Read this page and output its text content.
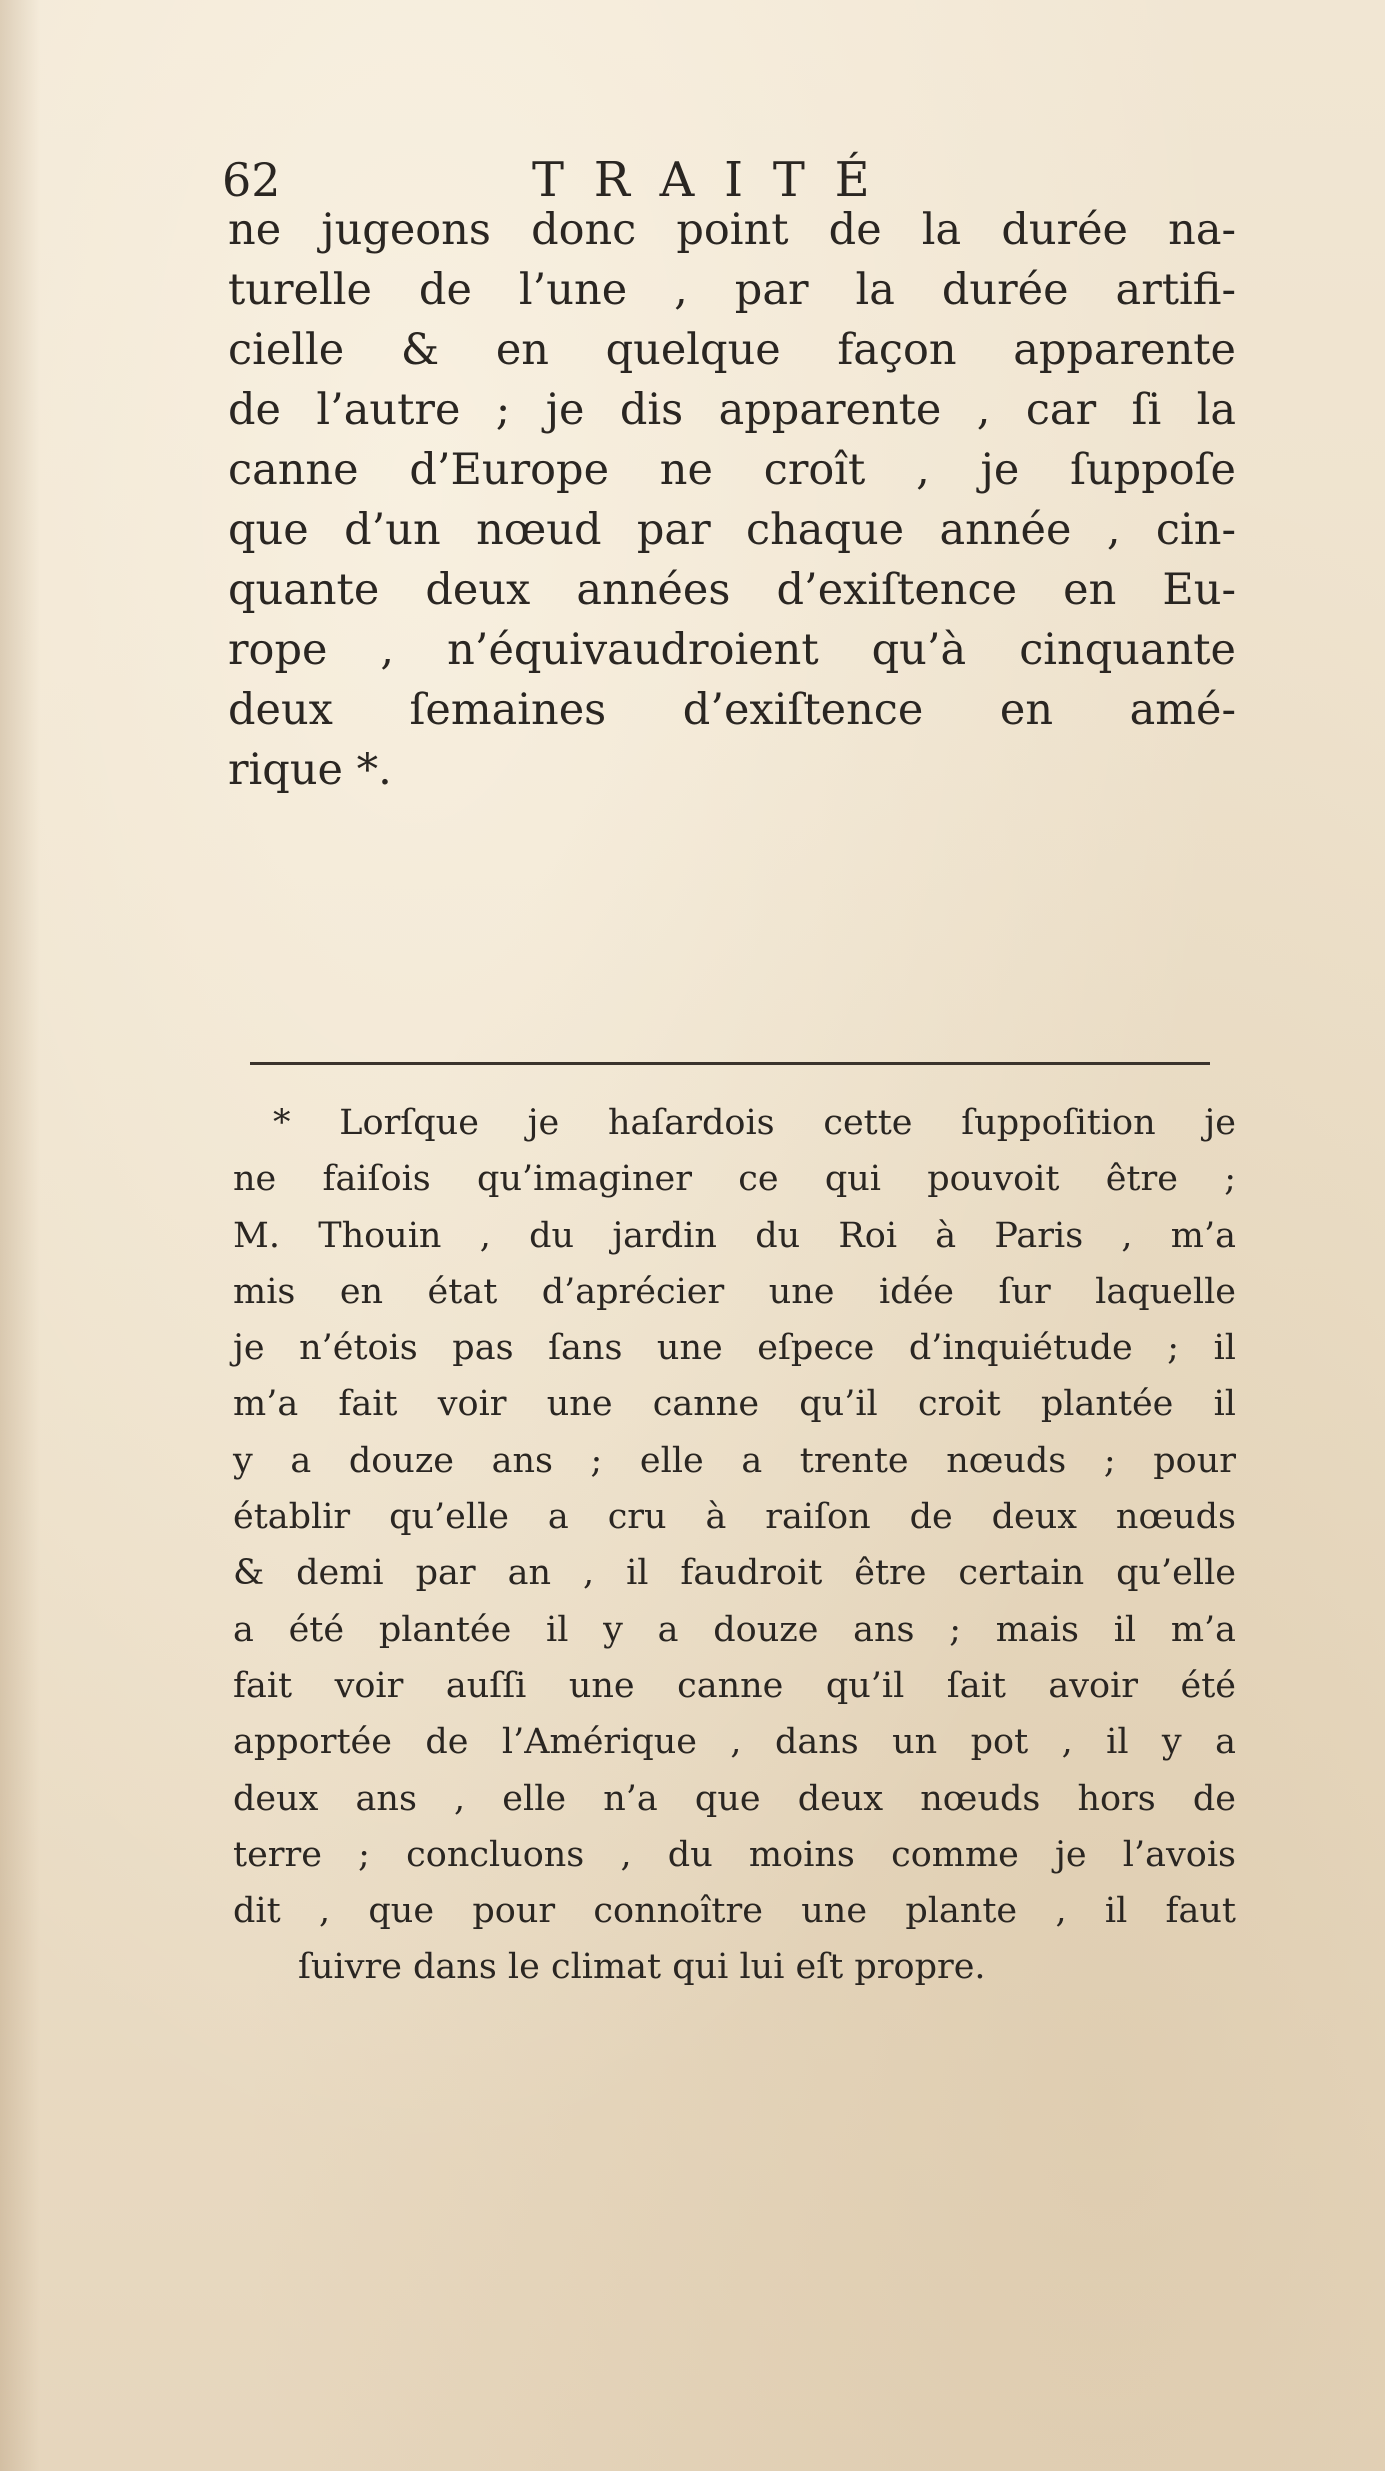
62	TRAITÉ
ne jugeons donc point de la durée na-
turelle de l’une , par la durée artifi-
cielle & en quelque façon apparente
de l’autre ; je dis apparente , car ſi la
canne d’Europe ne croît , je ſuppoſe
que d’un nœud par chaque année , cin-
quante deux années d’exiſtence en Eu-
rope , n’équivaudroient qu’à cinquante
deux ſemaines d’exiſtence en amé-
rique *.
* Lorſque je haſardois cette ſuppoſition je
ne faiſois qu’imaginer ce qui pouvoit être ;
M. Thouin , du jardin du Roi à Paris , m’a
mis en état d’aprécier une idée ſur laquelle
je n’étois pas ſans une eſpece d’inquiétude ; il
m’a fait voir une canne qu’il croit plantée il
y a douze ans ; elle a trente nœuds ; pour
établir qu’elle a cru à raiſon de deux nœuds
& demi par an , il faudroit être certain qu’elle
a été plantée il y a douze ans ; mais il m’a
fait voir auſſi une canne qu’il ſait avoir été
apportée de l’Amérique , dans un pot , il y a
deux ans , elle n’a que deux nœuds hors de
terre ; concluons , du moins comme je l’avois
dit , que pour connoître une plante , il faut
ſuivre dans le climat qui lui eſt propre.
